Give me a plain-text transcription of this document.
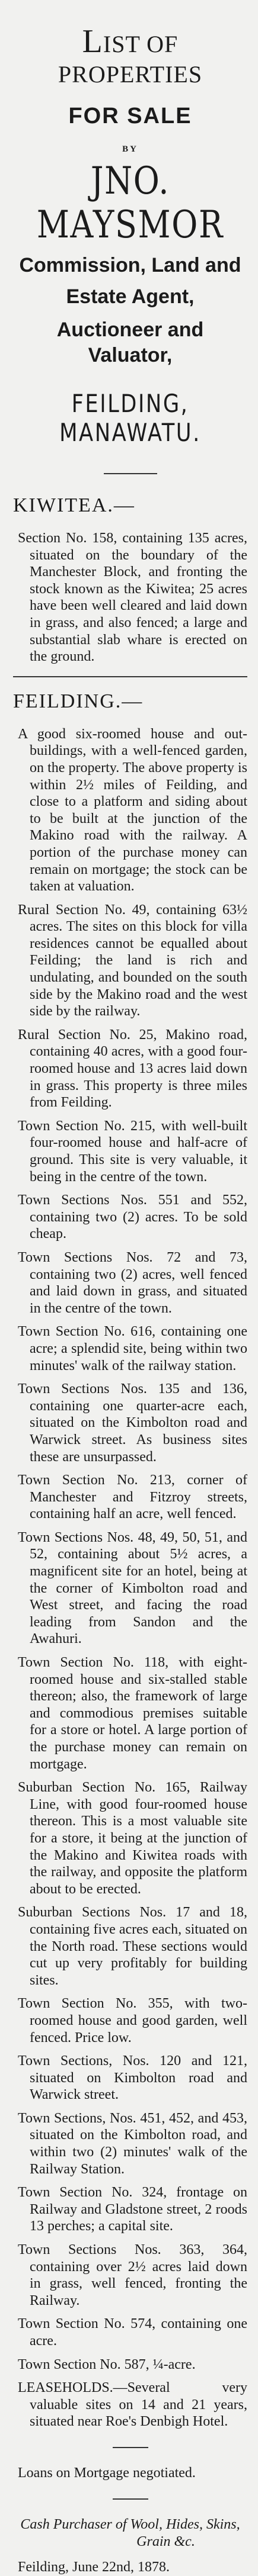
LIST OF PROPERTIES
FOR SALE
BY
JNO. MAYSMOR
Commission, Land and
Estate Agent,
Auctioneer and Valuator,
FEILDING, MANAWATU.
KIWITEA.—

Section No. 158, containing 135 acres, situated on the boundary of the Manchester Block, and fronting the stock known as the Kiwitea; 25 acres have been well cleared and laid down in grass, and also fenced; a large and substantial slab whare is erected on the ground.

FEILDING.—

A good six-roomed house and out-buildings, with a well-fenced garden, on the property. The above property is within 2½ miles of Feilding, and close to a platform and siding about to be built at the junction of the Makino road with the railway. A portion of the purchase money can remain on mortgage; the stock can be taken at valuation.

Rural Section No. 49, containing 63½ acres. The sites on this block for villa residences cannot be equalled about Feilding; the land is rich and undulating, and bounded on the south side by the Makino road and the west side by the railway.

Rural Section No. 25, Makino road, containing 40 acres, with a good four-roomed house and 13 acres laid down in grass. This property is three miles from Feilding.

Town Section No. 215, with well-built four-roomed house and half-acre of ground. This site is very valuable, it being in the centre of the town.

Town Sections Nos. 551 and 552, containing two (2) acres. To be sold cheap.

Town Sections Nos. 72 and 73, containing two (2) acres, well fenced and laid down in grass, and situated in the centre of the town.

Town Section No. 616, containing one acre; a splendid site, being within two minutes' walk of the railway station.

Town Sections Nos. 135 and 136, containing one quarter-acre each, situated on the Kimbolton road and Warwick street. As business sites these are unsurpassed.

Town Section No. 213, corner of Manchester and Fitzroy streets, containing half an acre, well fenced.

Town Sections Nos. 48, 49, 50, 51, and 52, containing about 5½ acres, a magnificent site for an hotel, being at the corner of Kimbolton road and West street, and facing the road leading from Sandon and the Awahuri.

Town Section No. 118, with eight-roomed house and six-stalled stable thereon; also, the framework of large and commodious premises suitable for a store or hotel. A large portion of the purchase money can remain on mortgage.

Suburban Section No. 165, Railway Line, with good four-roomed house thereon. This is a most valuable site for a store, it being at the junction of the Makino and Kiwitea roads with the railway, and opposite the platform about to be erected.

Suburban Sections Nos. 17 and 18, containing five acres each, situated on the North road. These sections would cut up very profitably for building sites.

Town Section No. 355, with two-roomed house and good garden, well fenced. Price low.

Town Sections, Nos. 120 and 121, situated on Kimbolton road and Warwick street.

Town Sections, Nos. 451, 452, and 453, situated on the Kimbolton road, and within two (2) minutes' walk of the Railway Station.

Town Section No. 324, frontage on Railway and Gladstone street, 2 roods 13 perches; a capital site.

Town Sections Nos. 363, 364, containing over 2½ acres laid down in grass, well fenced, fronting the Railway.

Town Section No. 574, containing one acre.

Town Section No. 587, ¼-acre.

LEASEHOLDS.—Several very valuable sites on 14 and 21 years, situated near Roe's Denbigh Hotel.

Loans on Mortgage negotiated.

Cash Purchaser of Wool, Hides, Skins,

Grain &c.

Feilding, June 22nd, 1878.
